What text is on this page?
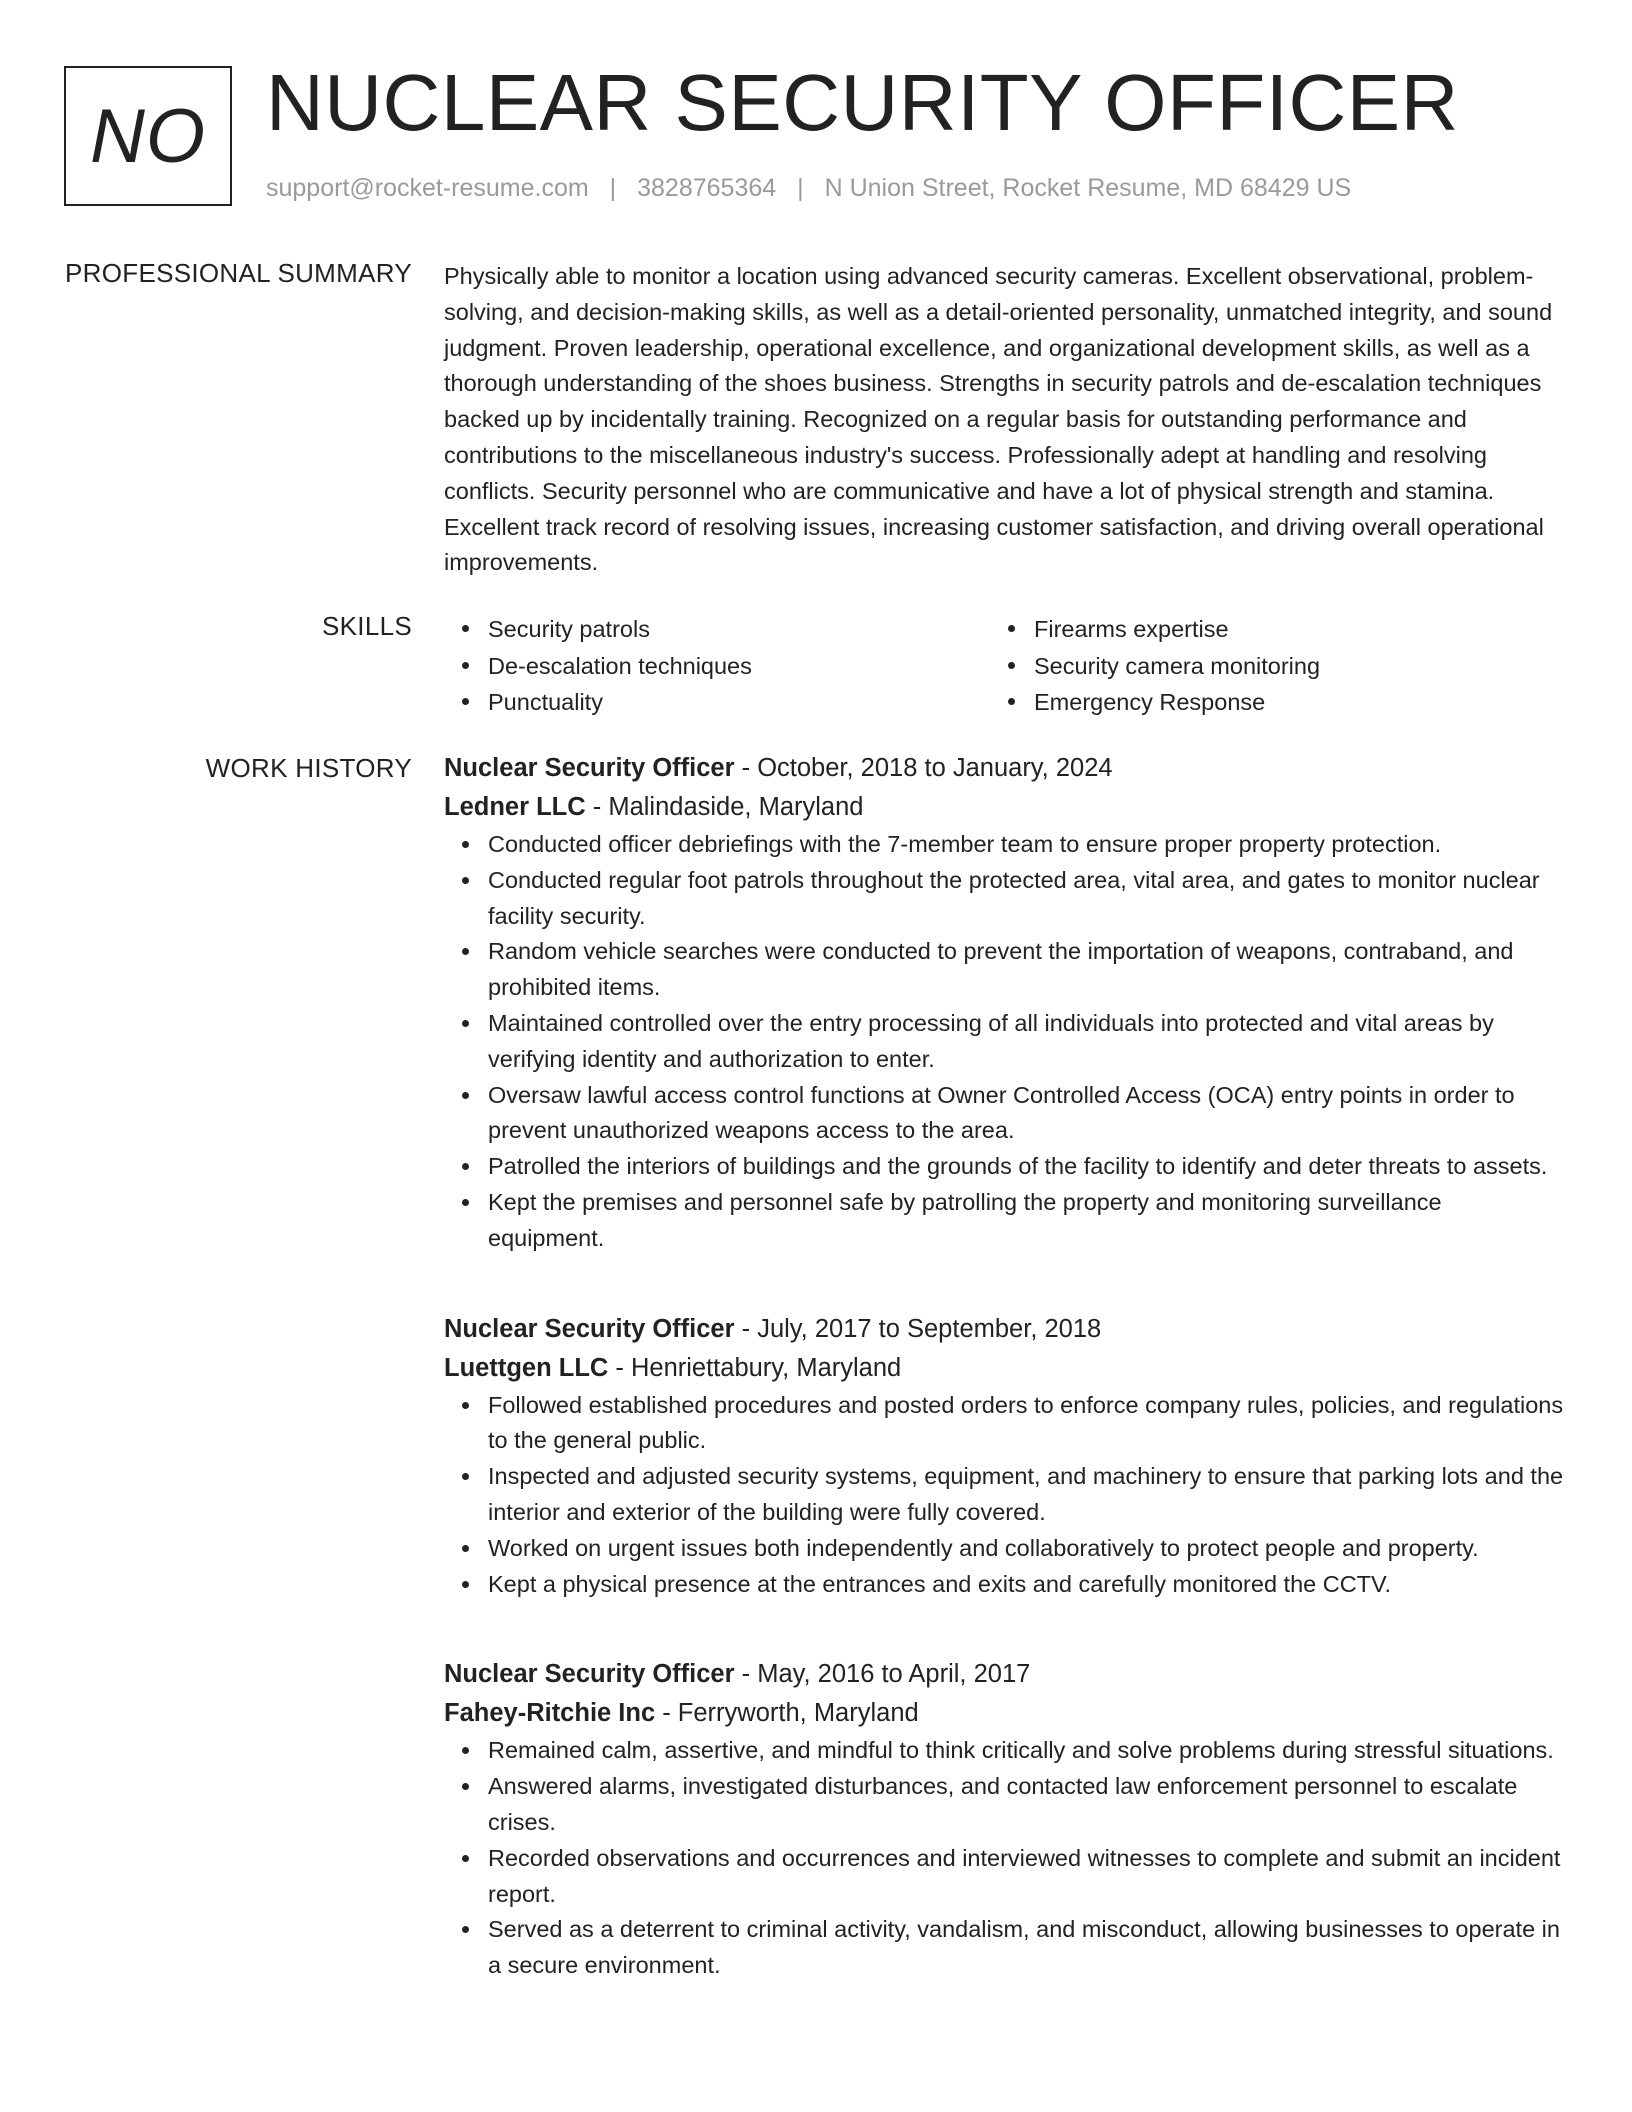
NO NUCLEAR SECURITY OFFICER
support@rocket-resume.com | 3828765364 | N Union Street, Rocket Resume, MD 68429 US
PROFESSIONAL SUMMARY Physically able to monitor a location using advanced security cameras. Excellent observational, problem-solving, and decision-making skills, as well as a detail-oriented personality, unmatched integrity, and sound judgment. Proven leadership, operational excellence, and organizational development skills, as well as a thorough understanding of the shoes business. Strengths in security patrols and de-escalation techniques backed up by incidentally training. Recognized on a regular basis for outstanding performance and contributions to the miscellaneous industry's success. Professionally adept at handling and resolving conflicts. Security personnel who are communicative and have a lot of physical strength and stamina. Excellent track record of resolving issues, increasing customer satisfaction, and driving overall operational improvements.

SKILLS	Security patrols	Firearms expertise
De-escalation techniques	Security camera monitoring
Punctuality	Emergency Response
WORK HISTORY Nuclear Security Officer - October, 2018 to January, 2024
Ledner LLC - Malindaside, Maryland
Conducted officer debriefings with the 7-member team to ensure proper property protection.
Conducted regular foot patrols throughout the protected area, vital area, and gates to monitor nuclear facility security.
Random vehicle searches were conducted to prevent the importation of weapons, contraband, and prohibited items.
Maintained controlled over the entry processing of all individuals into protected and vital areas by verifying identity and authorization to enter.
Oversaw lawful access control functions at Owner Controlled Access (OCA) entry points in order to prevent unauthorized weapons access to the area.
Patrolled the interiors of buildings and the grounds of the facility to identify and deter threats to assets.
Kept the premises and personnel safe by patrolling the property and monitoring surveillance equipment.
Nuclear Security Officer - July, 2017 to September, 2018
Luettgen LLC - Henriettabury, Maryland
Followed established procedures and posted orders to enforce company rules, policies, and regulations to the general public.
Inspected and adjusted security systems, equipment, and machinery to ensure that parking lots and the interior and exterior of the building were fully covered.
Worked on urgent issues both independently and collaboratively to protect people and property.
Kept a physical presence at the entrances and exits and carefully monitored the CCTV.
Nuclear Security Officer - May, 2016 to April, 2017
Fahey-Ritchie Inc - Ferryworth, Maryland
Remained calm, assertive, and mindful to think critically and solve problems during stressful situations.
Answered alarms, investigated disturbances, and contacted law enforcement personnel to escalate crises.
Recorded observations and occurrences and interviewed witnesses to complete and submit an incident report.
Served as a deterrent to criminal activity, vandalism, and misconduct, allowing businesses to operate in a secure environment.
